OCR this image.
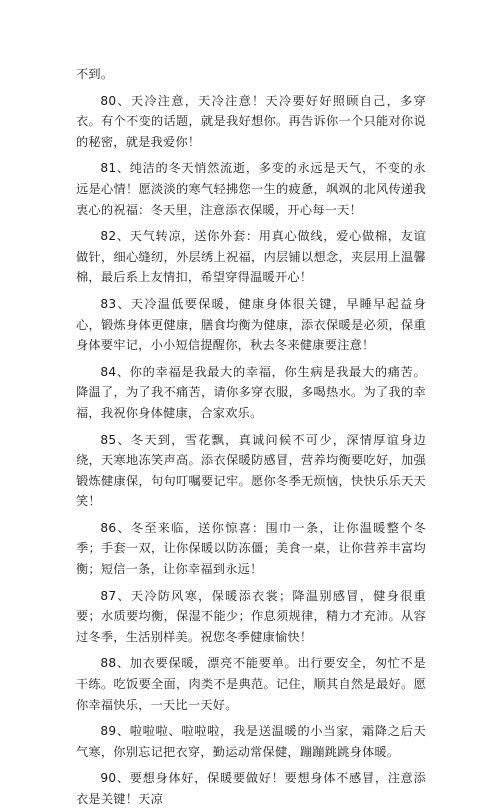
不到。

80、天冷注意，天冷注意！天冷要好好照顾自己，多穿衣。有个不变的话题，就是我好想你。再告诉你一个只能对你说的秘密，就是我爱你！

81、纯洁的冬天悄然流逝，多变的永远是天气，不变的永远是心情！愿淡淡的寒气轻拂您一生的疲惫，飒飒的北风传递我衷心的祝福：冬天里，注意添衣保暖，开心每一天！

82、天气转凉，送你外套：用真心做线，爱心做棉，友谊做针，细心缝纫，外层绣上祝福，内层铺以想念，夹层用上温馨棉，最后系上友情扣，希望穿得温暖开心！

83、天冷温低要保暖，健康身体很关键，早睡早起益身心，锻炼身体更健康，膳食均衡为健康，添衣保暖是必须，保重身体要牢记，小小短信提醒你，秋去冬来健康要注意！

84、你的幸福是我最大的幸福，你生病是我最大的痛苦。降温了，为了我不痛苦，请你多穿衣服，多喝热水。为了我的幸福，我祝你身体健康，合家欢乐。

85、冬天到，雪花飘，真诚问候不可少，深情厚谊身边绕，天寒地冻笑声高。添衣保暖防感冒，营养均衡要吃好，加强锻炼健康保，句句叮嘱要记牢。愿你冬季无烦恼，快快乐乐天天笑！

86、冬至来临，送你惊喜：围巾一条，让你温暖整个冬季；手套一双，让你保暖以防冻僵；美食一桌，让你营养丰富均衡；短信一条，让你幸福到永远！

87、天冷防风寒，保暖添衣裳；降温别感冒，健身很重要；水质要均衡，保湿不能少；作息须规律，精力才充沛。从容过冬季，生活别样美。祝您冬季健康愉快！

88、加衣要保暖，漂亮不能要单。出行要安全，匆忙不是干练。吃饭要全面，肉类不是典范。记住，顺其自然是最好。愿你幸福快乐，一天比一天好。

89、啦啦啦、啦啦啦，我是送温暖的小当家，霜降之后天气寒，你别忘记把衣穿，勤运动常保健，蹦蹦跳跳身体暖。

90、要想身体好，保暖要做好！要想身体不感冒，注意添衣是关键！天凉
